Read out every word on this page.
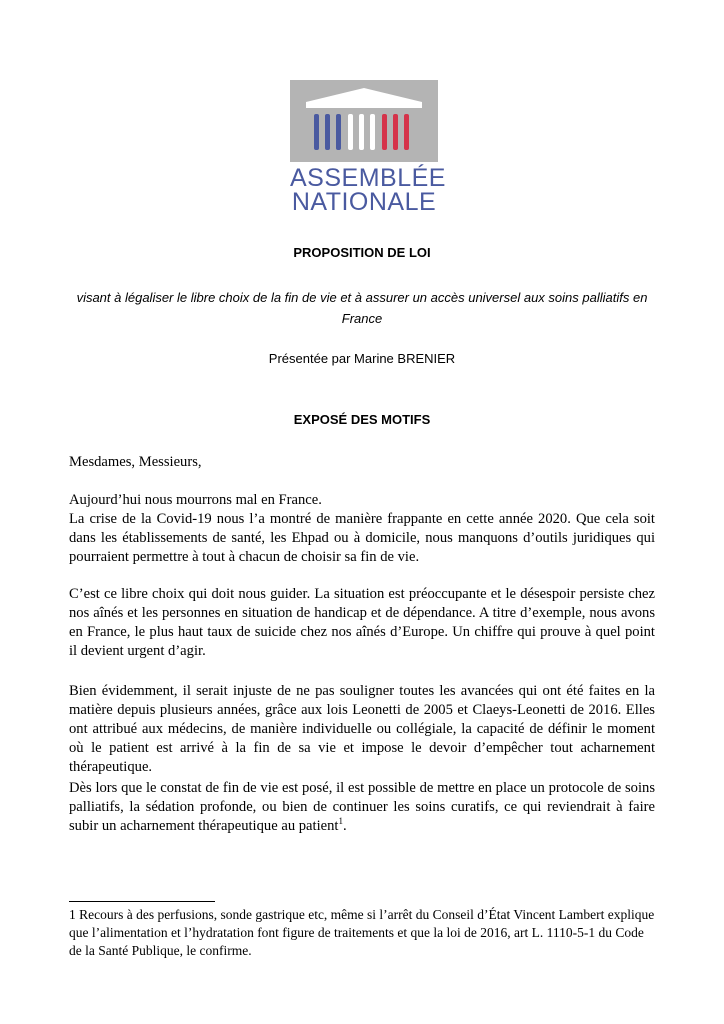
ASSEMBLÉE
NATIONALE
PROPOSITION DE LOI
visant à légaliser le libre choix de la fin de vie et à assurer un accès universel aux soins palliatifs en France
Présentée par Marine BRENIER
EXPOSÉ DES MOTIFS
Mesdames, Messieurs,

Aujourd’hui nous mourrons mal en France.

La crise de la Covid-19 nous l’a montré de manière frappante en cette année 2020. Que cela soit dans les établissements de santé, les Ehpad ou à domicile, nous manquons d’outils juridiques qui pourraient permettre à tout à chacun de choisir sa fin de vie.

C’est ce libre choix qui doit nous guider. La situation est préoccupante et le désespoir persiste chez nos aînés et les personnes en situation de handicap et de dépendance. A titre d’exemple, nous avons en France, le plus haut taux de suicide chez nos aînés d’Europe. Un chiffre qui prouve à quel point il devient urgent d’agir.

Bien évidemment, il serait injuste de ne pas souligner toutes les avancées qui ont été faites en la matière depuis plusieurs années, grâce aux lois Leonetti de 2005 et Claeys-Leonetti de 2016. Elles ont attribué aux médecins, de manière individuelle ou collégiale, la capacité de définir le moment où le patient est arrivé à la fin de sa vie et impose le devoir d’empêcher tout acharnement thérapeutique.

Dès lors que le constat de fin de vie est posé, il est possible de mettre en place un protocole de soins palliatifs, la sédation profonde, ou bien de continuer les soins curatifs, ce qui reviendrait à faire subir un acharnement thérapeutique au patient$^1$.

1 Recours à des perfusions, sonde gastrique etc, même si l’arrêt du Conseil d’État Vincent Lambert explique que l’alimentation et l’hydratation font figure de traitements et que la loi de 2016, art L. 1110-5-1 du Code de la Santé Publique, le confirme.
